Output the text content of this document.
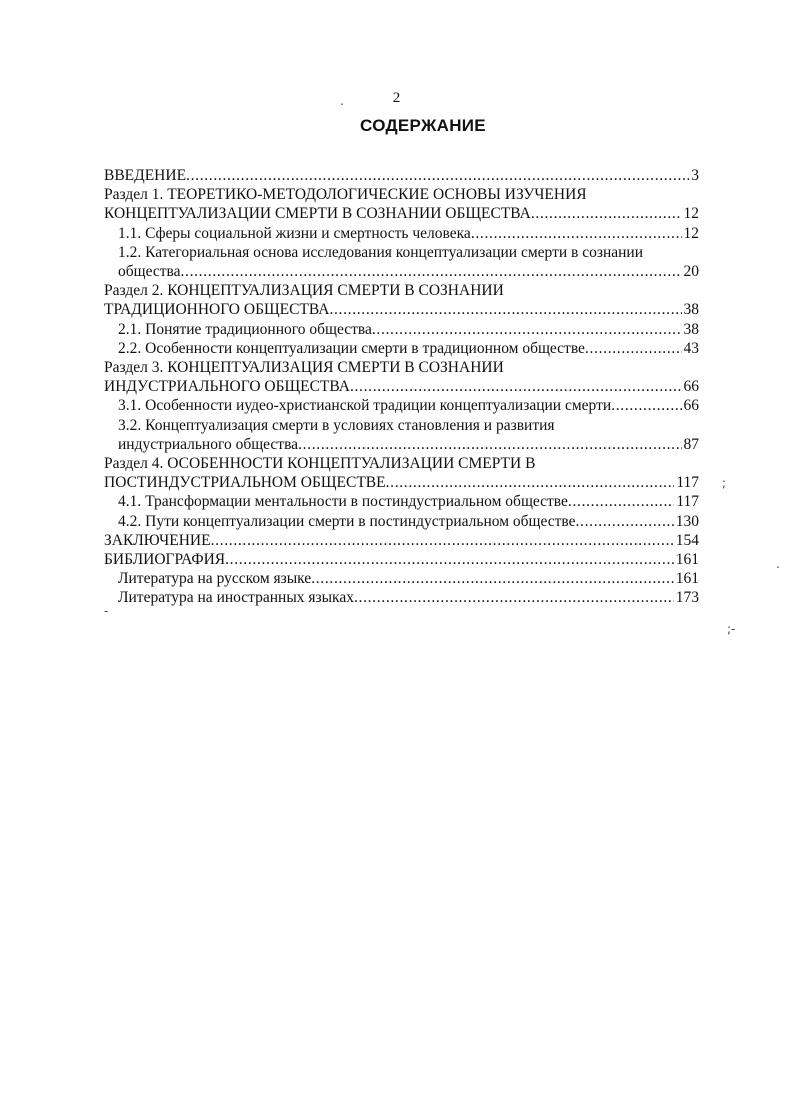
2
СОДЕРЖАНИЕ
ВВЕДЕНИЕ . . .	3
Раздел 1. ТЕОРЕТИКО-МЕТОДОЛОГИЧЕСКИЕ ОСНОВЫ ИЗУЧЕНИЯ
КОНЦЕПТУАЛИЗАЦИИ СМЕРТИ В СОЗНАНИИ ОБЩЕСТВА . . .	12
1.1. Сферы социальной жизни и смертность человека . . .	12
1.2. Категориальная основа исследования концептуализации смерти в сознании
общества . . .	20
Раздел 2. КОНЦЕПТУАЛИЗАЦИЯ СМЕРТИ В СОЗНАНИИ
ТРАДИЦИОННОГО ОБЩЕСТВА . . .	38
2.1. Понятие традиционного общества . . .	38
2.2. Особенности концептуализации смерти в традиционном обществе . . .	43
Раздел 3. КОНЦЕПТУАЛИЗАЦИЯ СМЕРТИ В СОЗНАНИИ
ИНДУСТРИАЛЬНОГО ОБЩЕСТВА . . .	66
3.1. Особенности иудео-христианской традиции концептуализации смерти . . .	66
3.2. Концептуализация смерти в условиях становления и развития
индустриального общества . . .	87
Раздел 4. ОСОБЕННОСТИ КОНЦЕПТУАЛИЗАЦИИ СМЕРТИ В
ПОСТИНДУСТРИАЛЬНОМ ОБЩЕСТВЕ . . .	117
4.1. Трансформации ментальности в постиндустриальном обществе . . .	117
4.2. Пути концептуализации смерти в постиндустриальном обществе . . .	130
ЗАКЛЮЧЕНИЕ . . .	154
БИБЛИОГРАФИЯ . . .	161
Литература на русском языке . . .	161
Литература на иностранных языках . . .	173
.
;
.
-
;-
